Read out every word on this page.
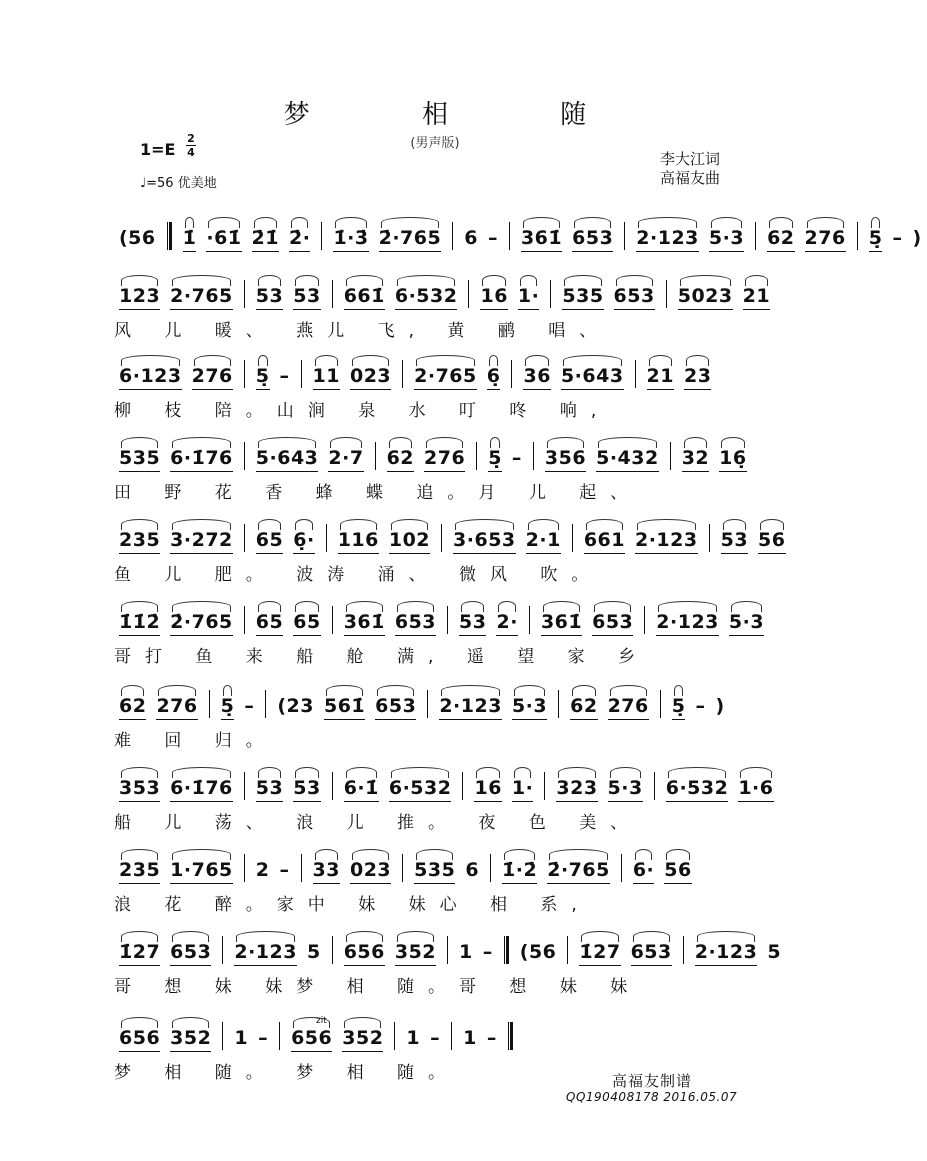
梦 相 随
(男声版)
1=E
2
4
♩=56 优美地
李大江词
高福友曲
(56 1̇ ·61̇ 2̇1̇ 2̇· 1̇·3̇ 2̇·765 6 – 361̇ 653 2·123 5·3 62 276 5̣ – )
123 2·765 53 53 661̇ 6·532 16 1· 535 653 5023 21
风 儿 暖、 燕儿 飞, 黄 鹂 唱、
6·123 276 5̣ – 11 023 2·765 6̣ 36 5·643 21 23
柳 枝 陪。山涧 泉 水 叮 咚 响,
535 6·1̇76 5·643 2·7 62 276 5̣ – 356 5·432 32 16̣
田 野 花 香 蜂 蝶 追。月 儿 起、
235 3·272 65 6̣· 116 102 3·653 2·1 661 2·123 53 56
鱼 儿 肥。 波涛 涌、 微风 吹。
1̇1̇2̇ 2̇·765 65 65 361̇ 653 53 2· 361̇ 653 2·123 5·3
哥打 鱼 来 船 舱 满, 遥 望 家 乡
62 276 5̣ – (23 561̇ 653 2·123 5·3 62 276 5̣ – )
难 回 归。
353 6·1̇76 53 53 6·1̇ 6·532 16 1· 323 5·3 6·532 1·6
船 儿 荡、 浪 儿 推。 夜 色 美、
235 1·765 2 – 33 023 535 6 1̇·2̇ 2̇·765 6· 56
浪 花 醉。家中 妹 妹心 相 系,
1̇27 653 2·123 5 656 352 1 – (56 1̇27 653 2·123 5
哥 想 妹 妹梦 相 随。哥 想 妹 妹
656 352 1 – 656 352 1 – 1 –
梦 相 随。 梦 相 随。
zit
高福友制谱
QQ190408178 2016.05.07
